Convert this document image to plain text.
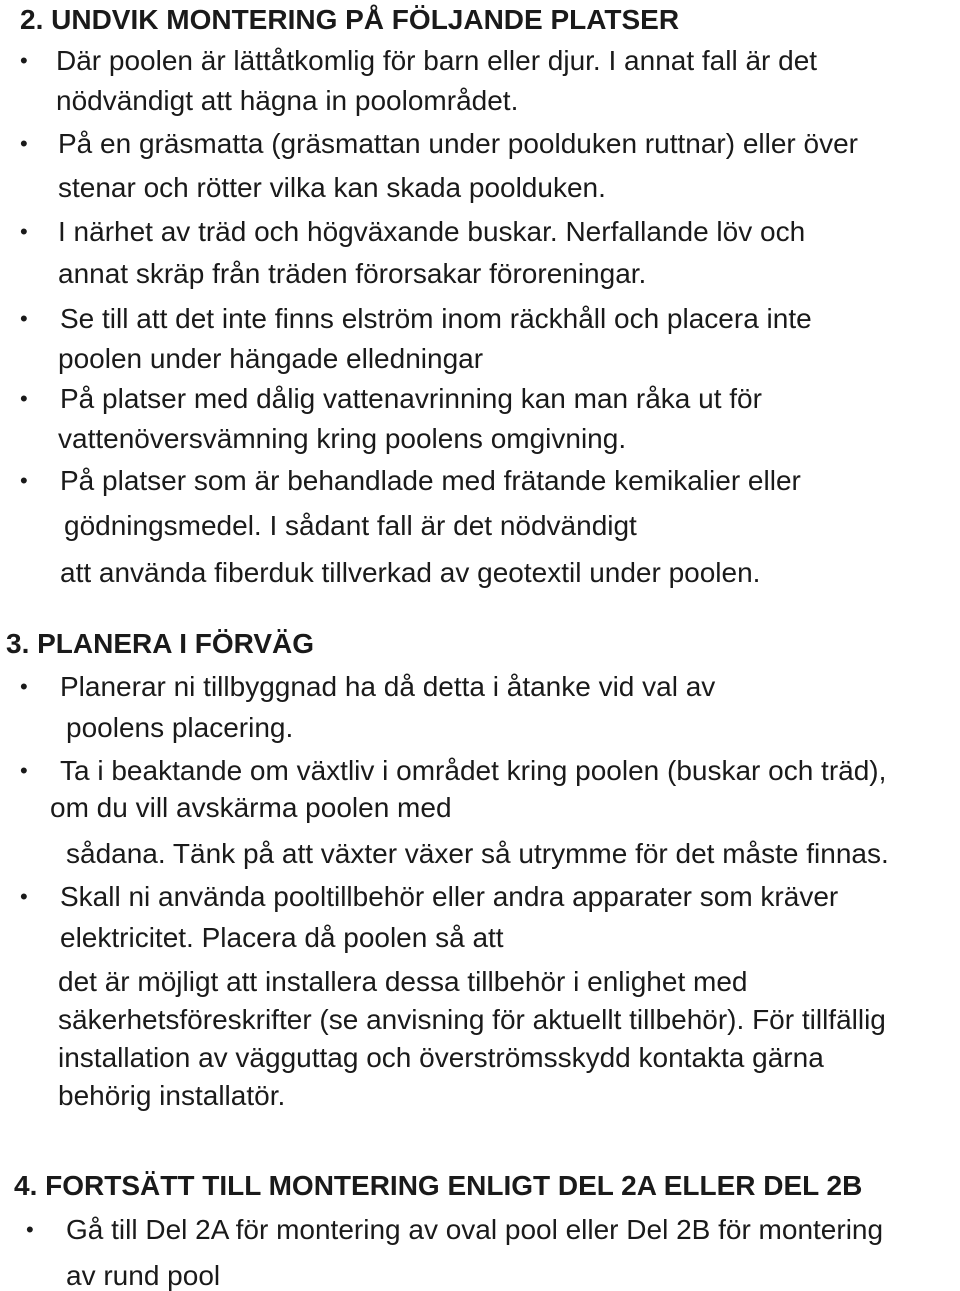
2. UNDVIK MONTERING PÅ FÖLJANDE PLATSER
• Där poolen är lättåtkomlig för barn eller djur. I annat fall är det
nödvändigt att hägna in poolområdet.
• På en gräsmatta (gräsmattan under poolduken ruttnar) eller över
stenar och rötter vilka kan skada poolduken.
• I närhet av träd och högväxande buskar. Nerfallande löv och
annat skräp från träden förorsakar föroreningar.
• Se till att det inte finns elström inom räckhåll och placera inte
poolen under hängade elledningar
• På platser med dålig vattenavrinning kan man råka ut för
vattenöversvämning kring poolens omgivning.
• På platser som är behandlade med frätande kemikalier eller
gödningsmedel. I sådant fall är det nödvändigt
att använda fiberduk tillverkad av geotextil under poolen.
3. PLANERA I FÖRVÄG
• Planerar ni tillbyggnad ha då detta i åtanke vid val av
poolens placering.
• Ta i beaktande om växtliv i området kring poolen (buskar och träd),
om du vill avskärma poolen med
sådana. Tänk på att växter växer så utrymme för det måste finnas.
• Skall ni använda pooltillbehör eller andra apparater som kräver
elektricitet. Placera då poolen så att
det är möjligt att installera dessa tillbehör i enlighet med
säkerhetsföreskrifter (se anvisning för aktuellt tillbehör). För tillfällig
installation av vägguttag och överströmsskydd kontakta gärna
behörig installatör.
4. FORTSÄTT TILL MONTERING ENLIGT DEL 2A ELLER DEL 2B
• Gå till Del 2A för montering av oval pool eller Del 2B för montering
av rund pool
